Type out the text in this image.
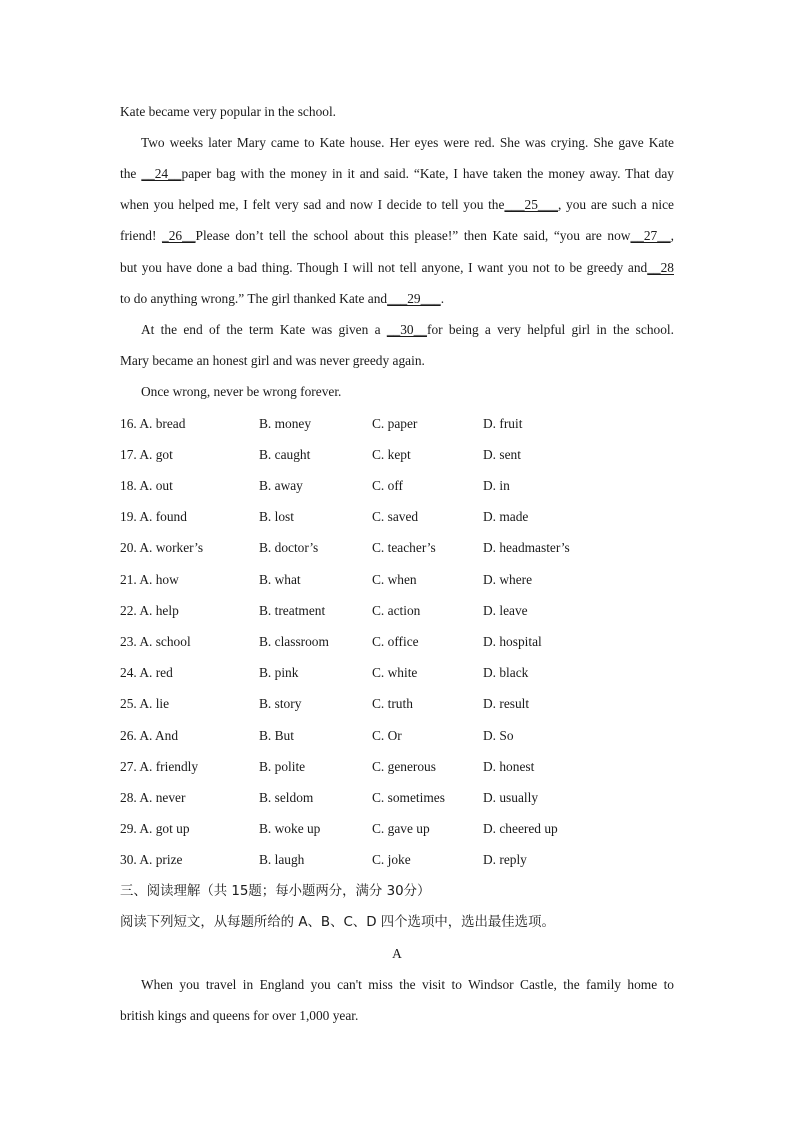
Kate became very popular in the school.
Two weeks later Mary came to Kate house. Her eyes were red. She was crying. She gave Kate
the __24__paper bag with the money in it and said. “Kate, I have taken the money away. That day
when you helped me, I felt very sad and now I decide to tell you the___25___, you are such a nice
friend! _26__Please don’t tell the school about this please!” then Kate said, “you are now__27__,
but you have done a bad thing. Though I will not tell anyone, I want you not to be greedy and__28
to do anything wrong.” The girl thanked Kate and___29___.
At the end of the term Kate was given a __30__for being a very helpful girl in the school.
Mary became an honest girl and was never greedy again.
Once wrong, never be wrong forever.
16. A. bread	B. money	C. paper	D. fruit
17. A. got	B. caught	C. kept	D. sent
18. A. out	B. away	C. off	D. in
19. A. found	B. lost	C. saved	D. made
20. A. worker’s	B. doctor’s	C. teacher’s	D. headmaster’s
21. A. how	B. what	C. when	D. where
22. A. help	B. treatment	C. action	D. leave
23. A. school	B. classroom	C. office	D. hospital
24. A. red	B. pink	C. white	D. black
25. A. lie	B. story	C. truth	D. result
26. A. And	B. But	C. Or	D. So
27. A. friendly	B. polite	C. generous	D. honest
28. A. never	B. seldom	C. sometimes	D. usually
29. A. got up	B. woke up	C. gave up	D. cheered up
30. A. prize	B. laugh	C. joke	D. reply
三、阅读理解（共 15题；每小题两分，满分 30分）
阅读下列短文，从每题所给的 A、B、C、D 四个选项中，选出最佳选项。
A
When you travel in England you can't miss the visit to Windsor Castle, the family home to
british kings and queens for over 1,000 year.
